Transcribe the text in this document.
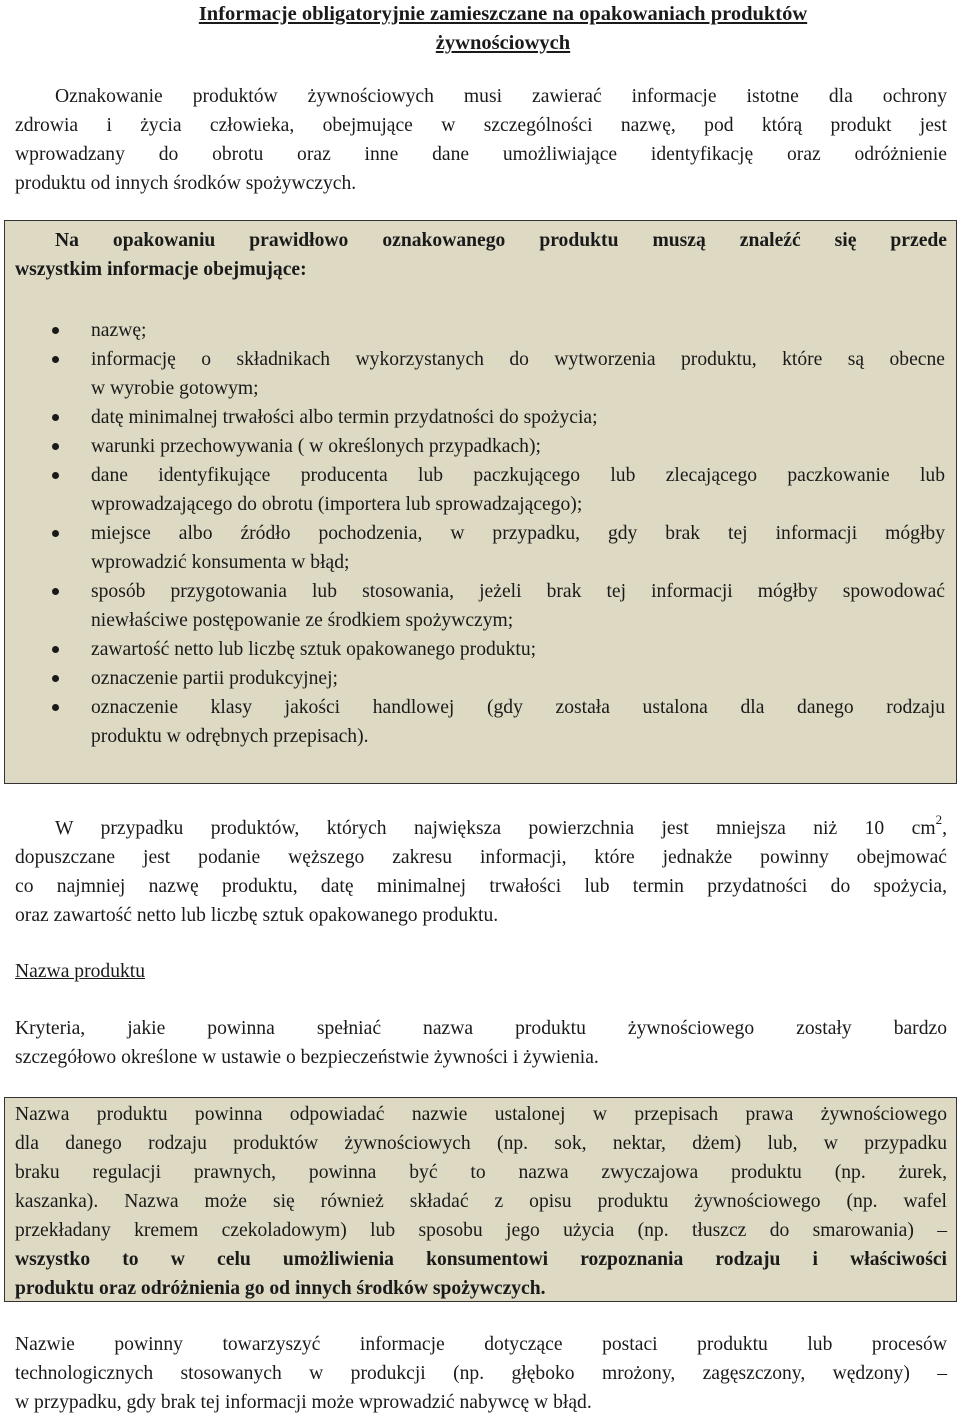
Informacje obligatoryjnie zamieszczane na opakowaniach produktów
żywnościowych
Oznakowanie produktów żywnościowych musi zawierać informacje istotne dla ochrony
zdrowia i życia człowieka, obejmujące w szczególności nazwę, pod którą produkt jest
wprowadzany do obrotu oraz inne dane umożliwiające identyfikację oraz odróżnienie
produktu od innych środków spożywczych.
Na opakowaniu prawidłowo oznakowanego produktu muszą znaleźć się przede
wszystkim informacje obejmujące:
nazwę;
informację o składnikach wykorzystanych do wytworzenia produktu, które są obecne
w wyrobie gotowym;
datę minimalnej trwałości albo termin przydatności do spożycia;
warunki przechowywania ( w określonych przypadkach);
dane identyfikujące producenta lub paczkującego lub zlecającego paczkowanie lub
wprowadzającego do obrotu (importera lub sprowadzającego);
miejsce albo źródło pochodzenia, w przypadku, gdy brak tej informacji mógłby
wprowadzić konsumenta w błąd;
sposób przygotowania lub stosowania, jeżeli brak tej informacji mógłby spowodować
niewłaściwe postępowanie ze środkiem spożywczym;
zawartość netto lub liczbę sztuk opakowanego produktu;
oznaczenie partii produkcyjnej;
oznaczenie klasy jakości handlowej (gdy została ustalona dla danego rodzaju
produktu w odrębnych przepisach).
W przypadku produktów, których największa powierzchnia jest mniejsza niż 10 $cm^2$,
dopuszczane jest podanie węższego zakresu informacji, które jednakże powinny obejmować
co najmniej nazwę produktu, datę minimalnej trwałości lub termin przydatności do spożycia,
oraz zawartość netto lub liczbę sztuk opakowanego produktu.
Nazwa produktu
Kryteria, jakie powinna spełniać nazwa produktu żywnościowego zostały bardzo
szczegółowo określone w ustawie o bezpieczeństwie żywności i żywienia.
Nazwa produktu powinna odpowiadać nazwie ustalonej w przepisach prawa żywnościowego
dla danego rodzaju produktów żywnościowych (np. sok, nektar, dżem) lub, w przypadku
braku regulacji prawnych, powinna być to nazwa zwyczajowa produktu (np. żurek,
kaszanka). Nazwa może się również składać z opisu produktu żywnościowego (np. wafel
przekładany kremem czekoladowym) lub sposobu jego użycia (np. tłuszcz do smarowania) –
wszystko to w celu umożliwienia konsumentowi rozpoznania rodzaju i właściwości
produktu oraz odróżnienia go od innych środków spożywczych.
Nazwie powinny towarzyszyć informacje dotyczące postaci produktu lub procesów
technologicznych stosowanych w produkcji (np. głęboko mrożony, zagęszczony, wędzony) –
w przypadku, gdy brak tej informacji może wprowadzić nabywcę w błąd.
